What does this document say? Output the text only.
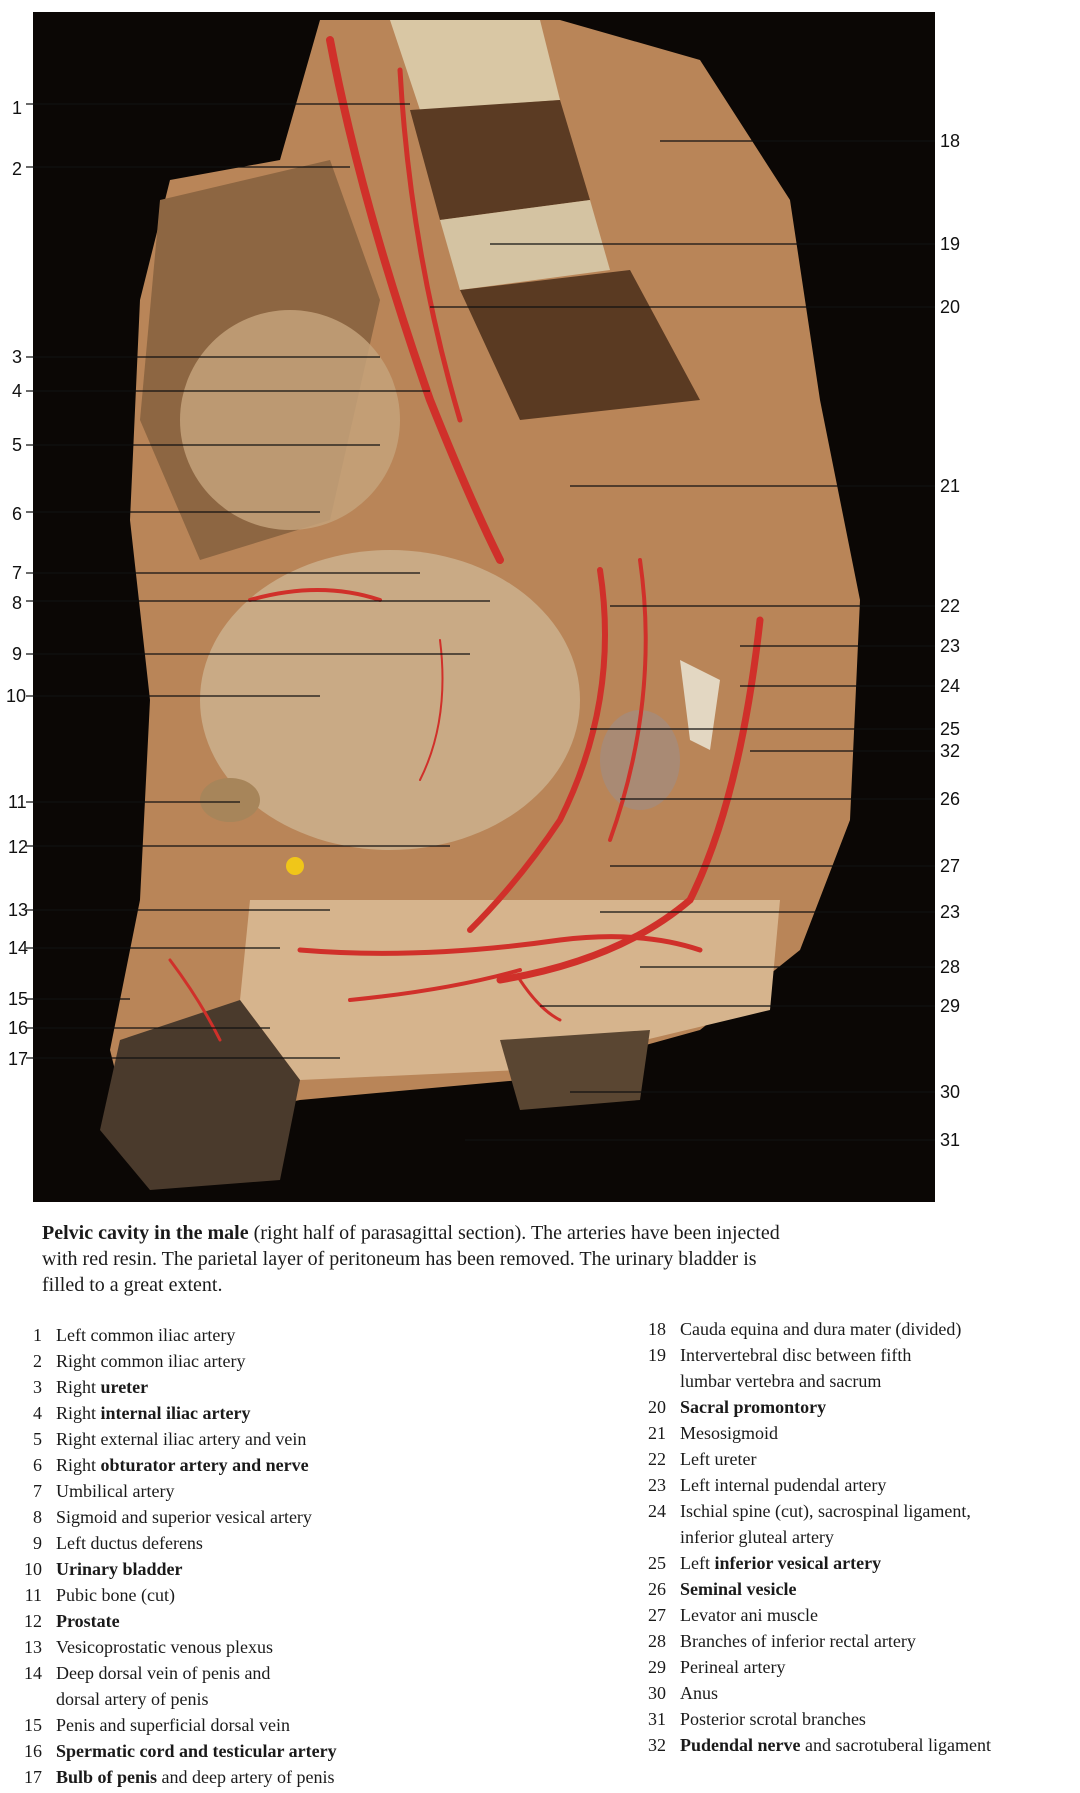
1
2
3
4
5
6
7
8
9
10
11
12
13
14
15
16
17
18
19
20
21
22
23
24
25
32
26
27
23
28
29
30
31
Pelvic cavity in the male (right half of parasagittal section). The arteries have been injected
with red resin. The parietal layer of peritoneum has been removed. The urinary bladder is
filled to a great extent.
1 Left common iliac artery
2 Right common iliac artery
3 Right ureter
4 Right internal iliac artery
5 Right external iliac artery and vein
6 Right obturator artery and nerve
7 Umbilical artery
8 Sigmoid and superior vesical artery
9 Left ductus deferens
10 Urinary bladder
11 Pubic bone (cut)
12 Prostate
13 Vesicoprostatic venous plexus
14 Deep dorsal vein of penis and
dorsal artery of penis
15 Penis and superficial dorsal vein
16 Spermatic cord and testicular artery
17 Bulb of penis and deep artery of penis
18 Cauda equina and dura mater (divided)
19 Intervertebral disc between fifth
lumbar vertebra and sacrum
20 Sacral promontory
21 Mesosigmoid
22 Left ureter
23 Left internal pudendal artery
24 Ischial spine (cut), sacrospinal ligament,
inferior gluteal artery
25 Left inferior vesical artery
26 Seminal vesicle
27 Levator ani muscle
28 Branches of inferior rectal artery
29 Perineal artery
30 Anus
31 Posterior scrotal branches
32 Pudendal nerve and sacrotuberal ligament
